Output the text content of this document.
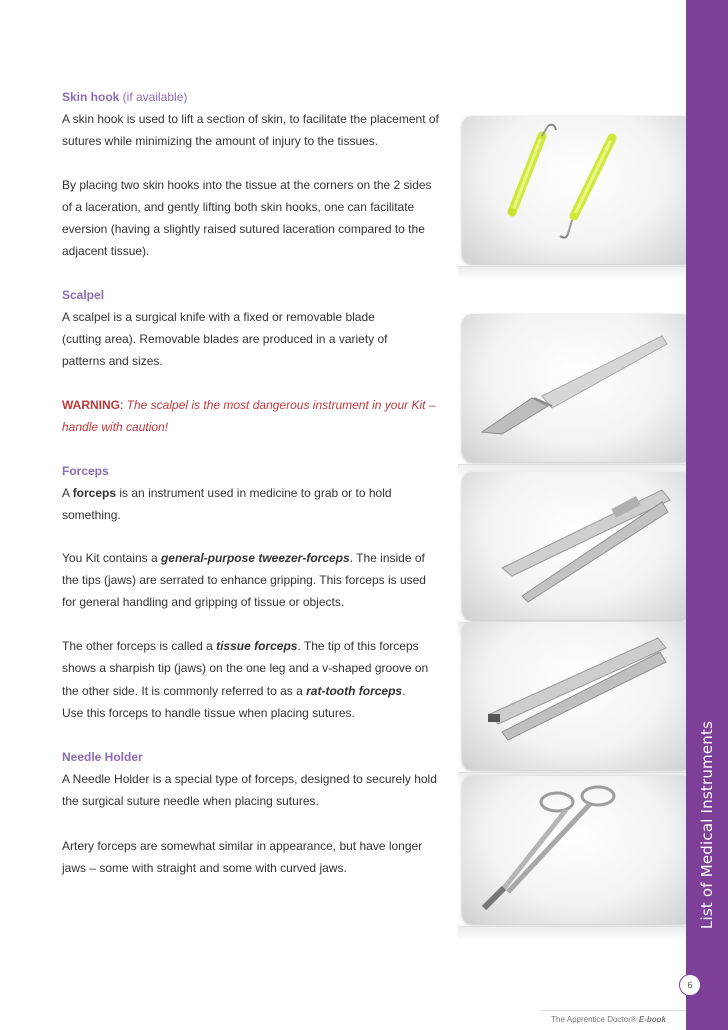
Skin hook (if available)
A skin hook is used to lift a section of skin, to facilitate the placement of
sutures while minimizing the amount of injury to the tissues.
By placing two skin hooks into the tissue at the corners on the 2 sides
of a laceration, and gently lifting both skin hooks, one can facilitate
eversion (having a slightly raised sutured laceration compared to the
adjacent tissue).
Scalpel
A scalpel is a surgical knife with a fixed or removable blade
(cutting area). Removable blades are produced in a variety of
patterns and sizes.
WARNING: The scalpel is the most dangerous instrument in your Kit –
handle with caution!
Forceps
A forceps is an instrument used in medicine to grab or to hold
something.
You Kit contains a general-purpose tweezer-forceps. The inside of
the tips (jaws) are serrated to enhance gripping. This forceps is used
for general handling and gripping of tissue or objects.
The other forceps is called a tissue forceps. The tip of this forceps
shows a sharpish tip (jaws) on the one leg and a v-shaped groove on
the other side. It is commonly referred to as a rat-tooth forceps.
Use this forceps to handle tissue when placing sutures.
Needle Holder
A Needle Holder is a special type of forceps, designed to securely hold
the surgical suture needle when placing sutures.
Artery forceps are somewhat similar in appearance, but have longer
jaws – some with straight and some with curved jaws.	List of Medical Instruments
6
The Apprentice Doctor® E-book
